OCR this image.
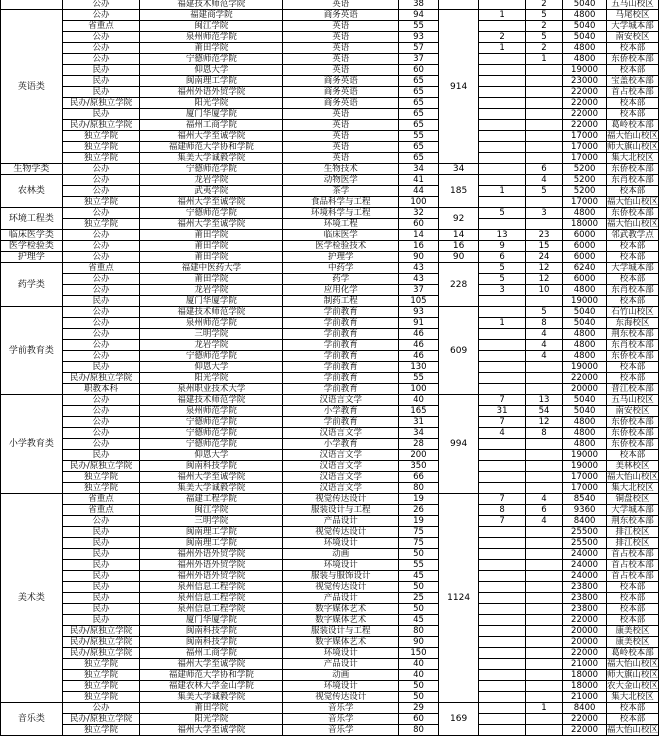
	公办	福建技术师范学院	英语	38			2	5040	五马山校区
英语类	公办	福建商学院	商务英语	94	914	1	5	4800	马尾校区
	省重点	闽江学院	英语	55			2	5040	大学城本部
	公办	泉州师范学院	英语	93		2	5	5040	南安校区
	公办	莆田学院	英语	57		1	2	4800	校本部
	公办	宁德师范学院	英语	37			1	4800	东侨校本部
	民办	仰恩大学	英语	60				19000	校本部
	民办	闽南理工学院	商务英语	65				23000	宝盖校本部
	民办	福州外语外贸学院	商务英语	65				22000	首占校本部
	民办/原独立学院	阳光学院	商务英语	65				22000	校本部
	民办	厦门华厦学院	英语	65				22000	校本部
	民办/原独立学院	福州工商学院	英语	65				22000	葛岭校本部
	独立学院	福州大学至诚学院	英语	55				17000	福大怡山校区
	独立学院	福建师范大学协和学院	英语	65				17000	师大旗山校区
	独立学院	集美大学诚毅学院	英语	65				17000	集大北校区
生物学类	公办	宁德师范学院	生物技术	34	34		6	5200	东侨校本部
农林类	公办	龙岩学院	动物医学	41	185		4	5200	东肖校本部
	公办	武夷学院	茶学	44		1	5	5200	校本部
	独立学院	福州大学至诚学院	食品科学与工程	100				17000	福大怡山校区
环境工程类	公办	宁德师范学院	环境科学与工程	32	92	5	3	4800	东侨校本部
	独立学院	福州大学至诚学院	环境工程	60				18000	福大怡山校区
临床医学类	公办	莆田学院	临床医学	14	14	13	23	6000	邻武教学点
医学检验类	公办	莆田学院	医学检验技术	16	16	9	15	6000	校本部
护理学	公办	莆田学院	护理学	90	90	6	24	6000	校本部
药学类	省重点	福建中医药大学	中药学	43	228	5	12	6240	大学城本部
	公办	莆田学院	药学	43		5	12	6000	校本部
	公办	龙岩学院	应用化学	37		3	10	4800	东肖校本部
	民办	厦门华厦学院	制药工程	105				19000	校本部
学前教育类	公办	福建技术师范学院	学前教育	93	609		5	5040	石竹山校区
	公办	泉州师范学院	学前教育	91		1	8	5040	东海校区
	公办	三明学院	学前教育	46			4	4800	荆东校本部
	公办	龙岩学院	学前教育	46			4	4800	东肖校本部
	公办	宁德师范学院	学前教育	46			4	4800	东侨校本部
	民办	仰恩大学	学前教育	130				19000	校本部
	民办/原独立学院	阳光学院	学前教育	55				22000	校本部
	职教本科	泉州职业技术大学	学前教育	100				20000	晋江校本部
小学教育类	公办	福建技术师范学院	汉语言文学	40	994	7	13	5040	五马山校区
	公办	泉州师范学院	小学教育	165		31	54	5040	南安校区
	公办	宁德师范学院	学前教育	31		7	12	4800	东侨校本部
	公办	宁德师范学院	汉语言文学	34		4	8	4800	东侨校本部
	公办	宁德师范学院	小学教育	28				4800	东侨校本部
	民办	仰恩大学	汉语言文学	200				19000	校本部
	民办/原独立学院	闽南科技学院	汉语言文学	350				19000	美林校区
	独立学院	福州大学至诚学院	汉语言文学	66				17000	福大怡山校区
	独立学院	集美大学诚毅学院	汉语言文学	80				17000	集大北校区
美术类	省重点	福建工程学院	视觉传达设计	19	1124	7	4	8540	铜盘校区
	省重点	闽江学院	服装设计与工程	26		8	6	9360	大学城本部
	公办	三明学院	产品设计	19		7	4	8400	荆东校本部
	民办	闽南理工学院	视觉传达设计	75				25500	排江校区
	民办	闽南理工学院	环境设计	75				25500	排江校区
	民办	福州外语外贸学院	动画	50				24000	首占校本部
	民办	福州外语外贸学院	环境设计	55				24000	首占校本部
	民办	福州外语外贸学院	服装与服饰设计	45				24000	首占校本部
	民办	泉州信息工程学院	视觉传达设计	50				23800	校本部
	民办	泉州信息工程学院	产品设计	25				23800	校本部
	民办	泉州信息工程学院	数字媒体艺术	50				23800	校本部
	民办	厦门华厦学院	数字媒体艺术	45				22000	校本部
	民办/原独立学院	闽南科技学院	服装设计与工程	80				20000	康美校区
	民办/原独立学院	闽南科技学院	数字媒体艺术	90				20000	康美校区
	民办/原独立学院	福州工商学院	环境设计	150				22000	葛岭校本部
	独立学院	福州大学至诚学院	产品设计	40				21000	福大怡山校区
	独立学院	福建师范大学协和学院	动画	40				18000	师大旗山校区
	独立学院	福建农林大学金山学院	环境设计	50				18000	农大金山校区
	独立学院	集美大学诚毅学院	视觉传达设计	50				21000	集大北校区
音乐类	公办	莆田学院	音乐学	29	169		1	8400	校本部
	民办/原独立学院	阳光学院	音乐学	60				22000	校本部
	独立学院	福州大学至诚学院	音乐学	80				22000	福大怡山校区
